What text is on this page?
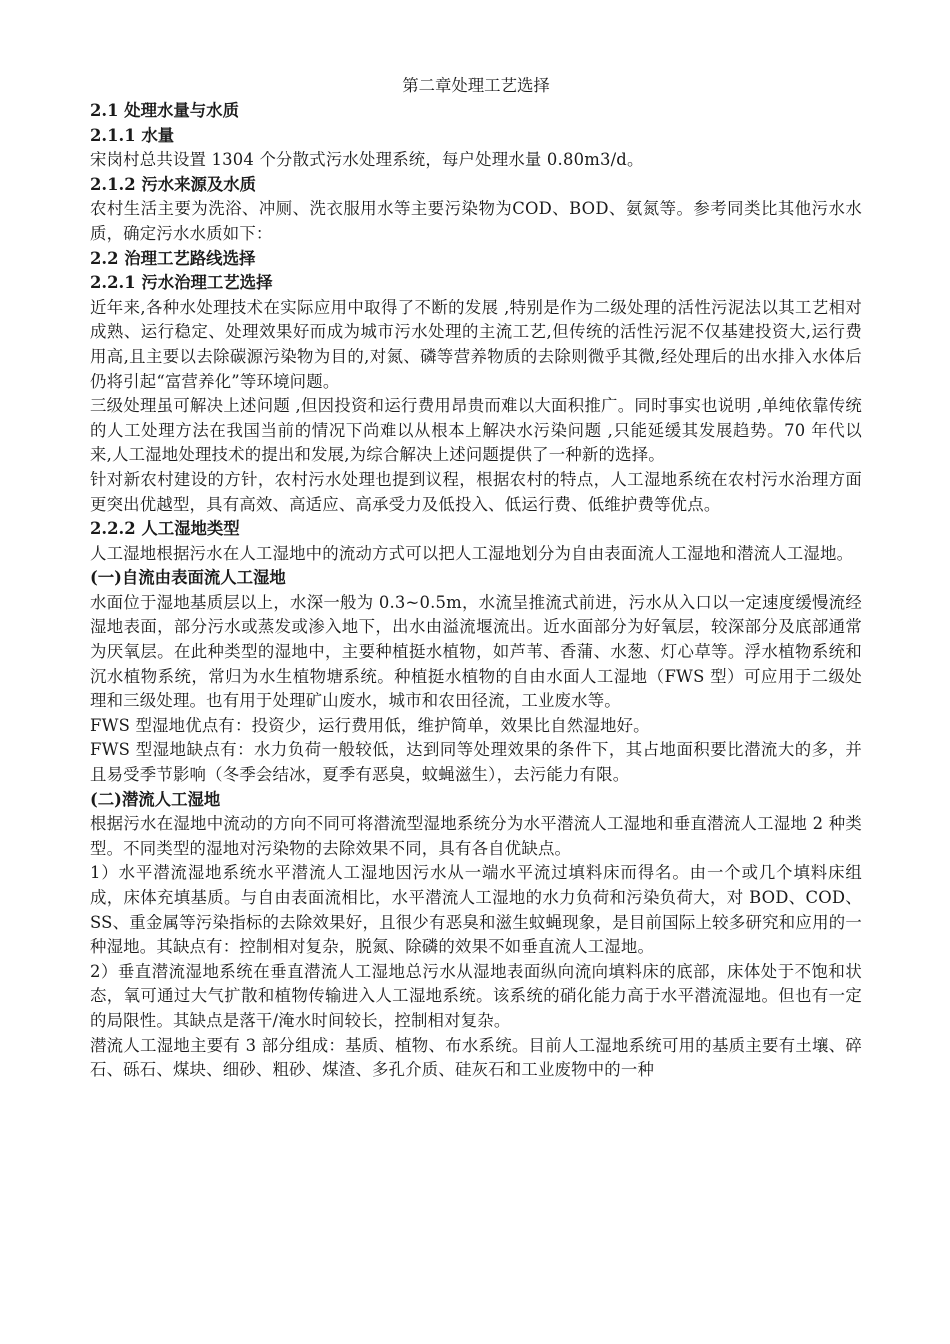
第二章处理工艺选择

2.1 处理水量与水质

2.1.1 水量

宋岗村总共设置 1304 个分散式污水处理系统，每户处理水量 0.80m3/d。

2.1.2 污水来源及水质

农村生活主要为洗浴、冲厕、洗衣服用水等主要污染物为COD、BOD、氨氮等。参考同类比其他污水水质，确定污水水质如下：

2.2 治理工艺路线选择

2.2.1 污水治理工艺选择

近年来,各种水处理技术在实际应用中取得了不断的发展 ,特别是作为二级处理的活性污泥法以其工艺相对成熟、运行稳定、处理效果好而成为城市污水处理的主流工艺,但传统的活性污泥不仅基建投资大,运行费用高,且主要以去除碳源污染物为目的,对氮、磷等营养物质的去除则微乎其微,经处理后的出水排入水体后仍将引起“富营养化”等环境问题。

三级处理虽可解决上述问题 ,但因投资和运行费用昂贵而难以大面积推广。同时事实也说明 ,单纯依靠传统的人工处理方法在我国当前的情况下尚难以从根本上解决水污染问题 ,只能延缓其发展趋势。70 年代以来,人工湿地处理技术的提出和发展,为综合解决上述问题提供了一种新的选择。

针对新农村建设的方针，农村污水处理也提到议程，根据农村的特点，人工湿地系统在农村污水治理方面更突出优越型，具有高效、高适应、高承受力及低投入、低运行费、低维护费等优点。

2.2.2 人工湿地类型

人工湿地根据污水在人工湿地中的流动方式可以把人工湿地划分为自由表面流人工湿地和潜流人工湿地。

(一)自流由表面流人工湿地

水面位于湿地基质层以上，水深一般为 0.3~0.5m，水流呈推流式前进，污水从入口以一定速度缓慢流经湿地表面，部分污水或蒸发或渗入地下，出水由溢流堰流出。近水面部分为好氧层，较深部分及底部通常为厌氧层。在此种类型的湿地中，主要种植挺水植物，如芦苇、香蒲、水葱、灯心草等。浮水植物系统和沉水植物系统，常归为水生植物塘系统。种植挺水植物的自由水面人工湿地（FWS 型）可应用于二级处理和三级处理。也有用于处理矿山废水，城市和农田径流，工业废水等。

FWS 型湿地优点有：投资少，运行费用低，维护简单，效果比自然湿地好。

FWS 型湿地缺点有：水力负荷一般较低，达到同等处理效果的条件下，其占地面积要比潜流大的多，并且易受季节影响（冬季会结冰，夏季有恶臭，蚊蝇滋生），去污能力有限。

(二)潜流人工湿地

根据污水在湿地中流动的方向不同可将潜流型湿地系统分为水平潜流人工湿地和垂直潜流人工湿地 2 种类型。不同类型的湿地对污染物的去除效果不同，具有各自优缺点。

1）水平潜流湿地系统水平潜流人工湿地因污水从一端水平流过填料床而得名。由一个或几个填料床组成，床体充填基质。与自由表面流相比，水平潜流人工湿地的水力负荷和污染负荷大，对 BOD、COD、SS、重金属等污染指标的去除效果好，且很少有恶臭和滋生蚊蝇现象，是目前国际上较多研究和应用的一种湿地。其缺点有：控制相对复杂，脱氮、除磷的效果不如垂直流人工湿地。

2）垂直潜流湿地系统在垂直潜流人工湿地总污水从湿地表面纵向流向填料床的底部，床体处于不饱和状态，氧可通过大气扩散和植物传输进入人工湿地系统。该系统的硝化能力高于水平潜流湿地。但也有一定的局限性。其缺点是落干/淹水时间较长，控制相对复杂。

潜流人工湿地主要有 3 部分组成：基质、植物、布水系统。目前人工湿地系统可用的基质主要有土壤、碎石、砾石、煤块、细砂、粗砂、煤渣、多孔介质、硅灰石和工业废物中的一种
